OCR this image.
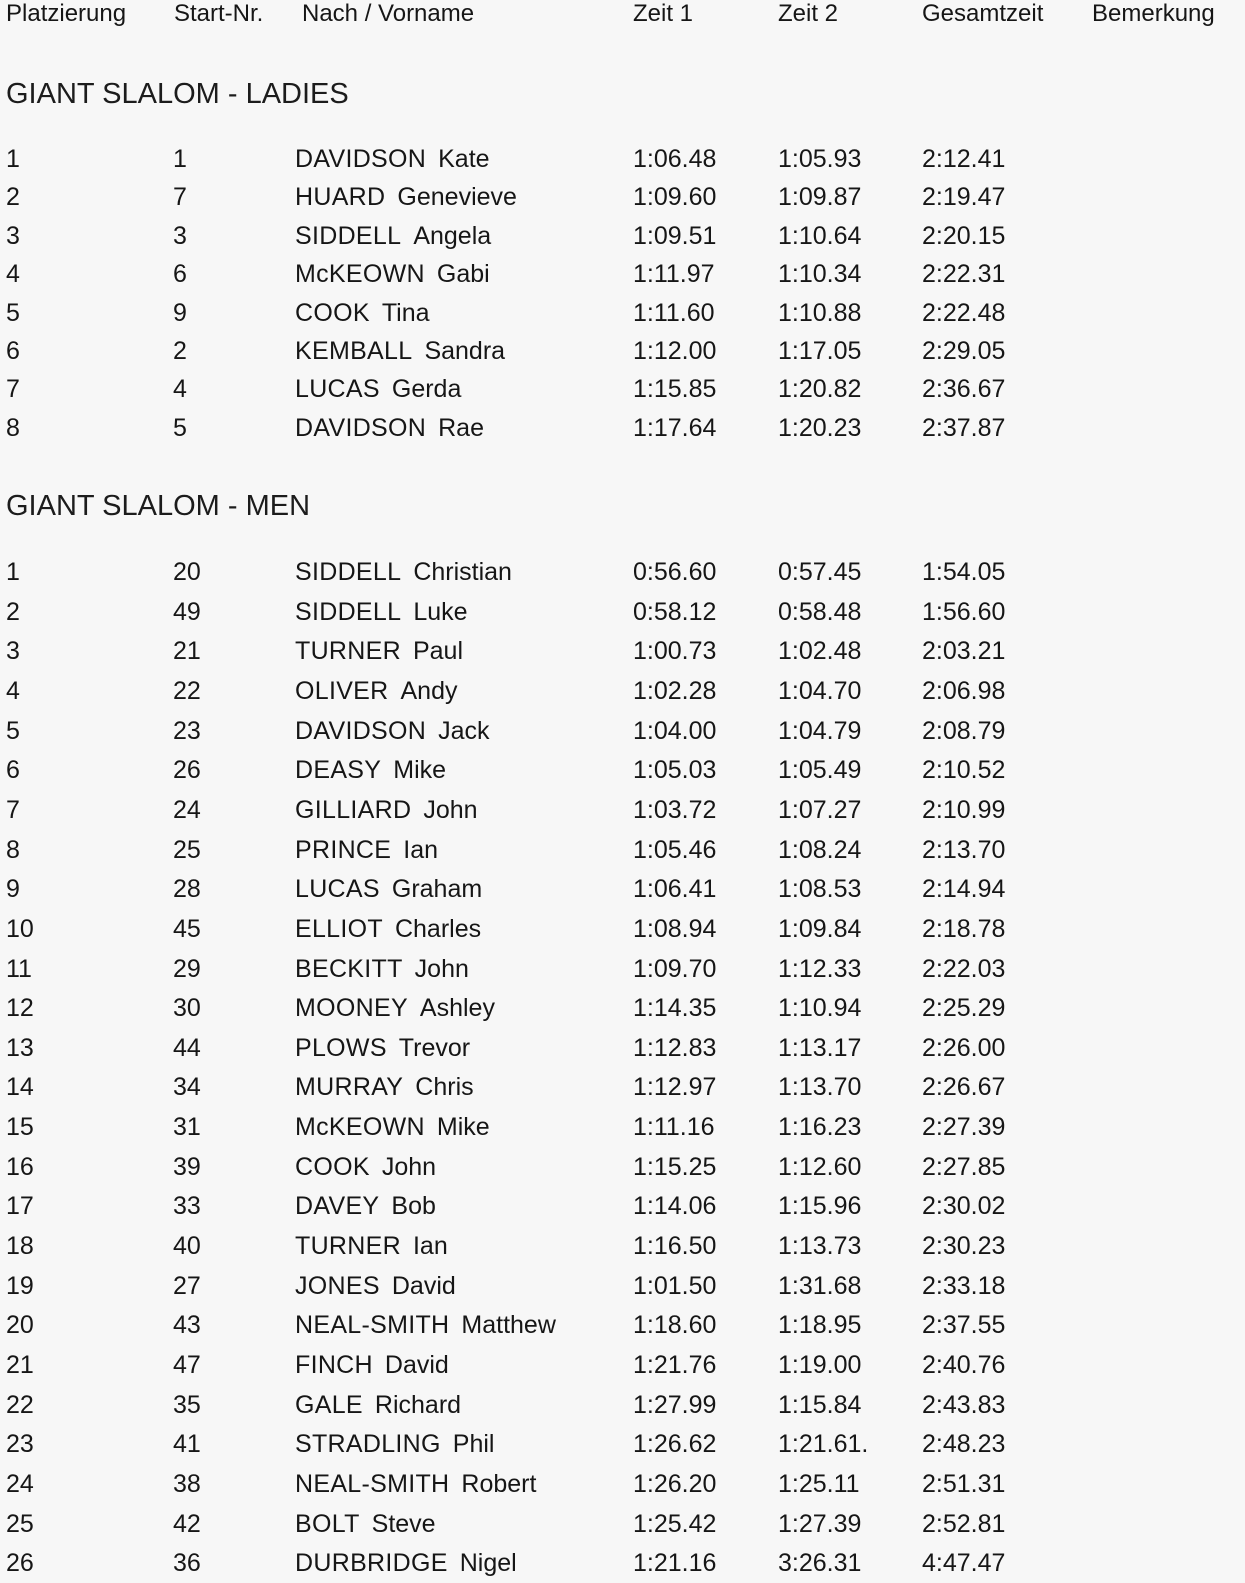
Platzierung Start-Nr. Nach / Vorname	Zeit 1	Zeit 2	Gesamtzeit Bemerkung
GIANT SLALOM - LADIES
1	1	DAVIDSON Kate	1:06.48 1:05.93 2:12.41
2	7	HUARD Genevieve	1:09.60 1:09.87 2:19.47
3	3	SIDDELL Angela	1:09.51 1:10.64 2:20.15
4	6	McKEOWN Gabi	1:11.97	1:10.34 2:22.31
5	9	COOK Tina	1:11.60	1:10.88 2:22.48
6	2	KEMBALL Sandra	1:12.00 1:17.05 2:29.05
7	4	LUCAS Gerda	1:15.85 1:20.82 2:36.67
8	5	DAVIDSON Rae	1:17.64 1:20.23 2:37.87
GIANT SLALOM - MEN
1	20	SIDDELL Christian	0:56.60 0:57.45 1:54.05
2	49	SIDDELL Luke	0:58.12 0:58.48 1:56.60
3	21	TURNER Paul	1:00.73 1:02.48 2:03.21
4	22	OLIVER Andy	1:02.28 1:04.70 2:06.98
5	23	DAVIDSON Jack	1:04.00 1:04.79 2:08.79
6	26	DEASY Mike	1:05.03 1:05.49 2:10.52
7	24	GILLIARD John	1:03.72 1:07.27 2:10.99
8	25	PRINCE Ian	1:05.46 1:08.24 2:13.70
9	28	LUCAS Graham	1:06.41 1:08.53 2:14.94
10	45	ELLIOT Charles	1:08.94 1:09.84 2:18.78
11	29	BECKITT John	1:09.70 1:12.33 2:22.03
12	30	MOONEY Ashley	1:14.35 1:10.94 2:25.29
13	44	PLOWS Trevor	1:12.83 1:13.17 2:26.00
14	34	MURRAY Chris	1:12.97 1:13.70 2:26.67
15	31	McKEOWN Mike	1:11.16	1:16.23 2:27.39
16	39	COOK John	1:15.25 1:12.60 2:27.85
17	33	DAVEY Bob	1:14.06 1:15.96 2:30.02
18	40	TURNER Ian	1:16.50 1:13.73 2:30.23
19	27	JONES David	1:01.50 1:31.68 2:33.18
20	43	NEAL-SMITH Matthew	1:18.60 1:18.95 2:37.55
21	47	FINCH David	1:21.76 1:19.00 2:40.76
22	35	GALE Richard	1:27.99 1:15.84 2:43.83
23	41	STRADLING Phil	1:26.62 1:21.61. 2:48.23
24	38	NEAL-SMITH Robert	1:26.20 1:25.11 2:51.31
25	42	BOLT Steve	1:25.42 1:27.39 2:52.81
26	36	DURBRIDGE Nigel	1:21.16 3:26.31 4:47.47
